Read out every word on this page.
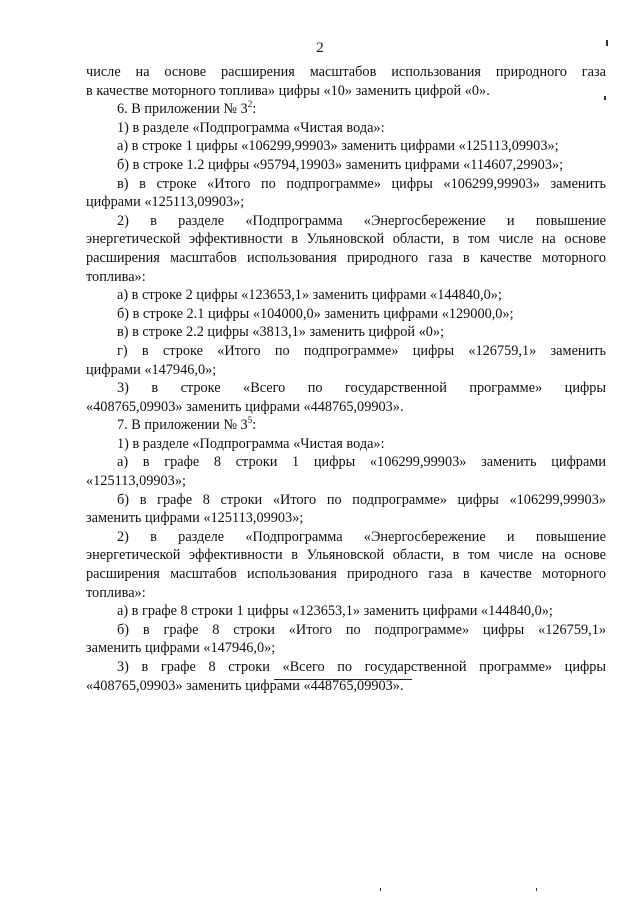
2

числе на основе расширения масштабов использования природного газа

в качестве моторного топлива» цифры «10» заменить цифрой «0».

6. В приложении № $3^2$:

1) в разделе «Подпрограмма «Чистая вода»:

а) в строке 1 цифры «106299,99903» заменить цифрами «125113,09903»;

б) в строке 1.2 цифры «95794,19903» заменить цифрами «114607,29903»;

в) в строке «Итого по подпрограмме» цифры «106299,99903» заменить

цифрами «125113,09903»;

2) в разделе «Подпрограмма «Энергосбережение и повышение

энергетической эффективности в Ульяновской области, в том числе на основе

расширения масштабов использования природного газа в качестве моторного

топлива»:

а) в строке 2 цифры «123653,1» заменить цифрами «144840,0»;

б) в строке 2.1 цифры «104000,0» заменить цифрами «129000,0»;

в) в строке 2.2 цифры «3813,1» заменить цифрой «0»;

г) в строке «Итого по подпрограмме» цифры «126759,1» заменить

цифрами «147946,0»;

3) в строке «Всего по государственной программе» цифры

«408765,09903» заменить цифрами «448765,09903».

7. В приложении № $3^5$:

1) в разделе «Подпрограмма «Чистая вода»:

а) в графе 8 строки 1 цифры «106299,99903» заменить цифрами

«125113,09903»;

б) в графе 8 строки «Итого по подпрограмме» цифры «106299,99903»

заменить цифрами «125113,09903»;

2) в разделе «Подпрограмма «Энергосбережение и повышение

энергетической эффективности в Ульяновской области, в том числе на основе

расширения масштабов использования природного газа в качестве моторного

топлива»:

а) в графе 8 строки 1 цифры «123653,1» заменить цифрами «144840,0»;

б) в графе 8 строки «Итого по подпрограмме» цифры «126759,1»

заменить цифрами «147946,0»;

3) в графе 8 строки «Всего по государственной программе» цифры

«408765,09903» заменить цифрами «448765,09903».
